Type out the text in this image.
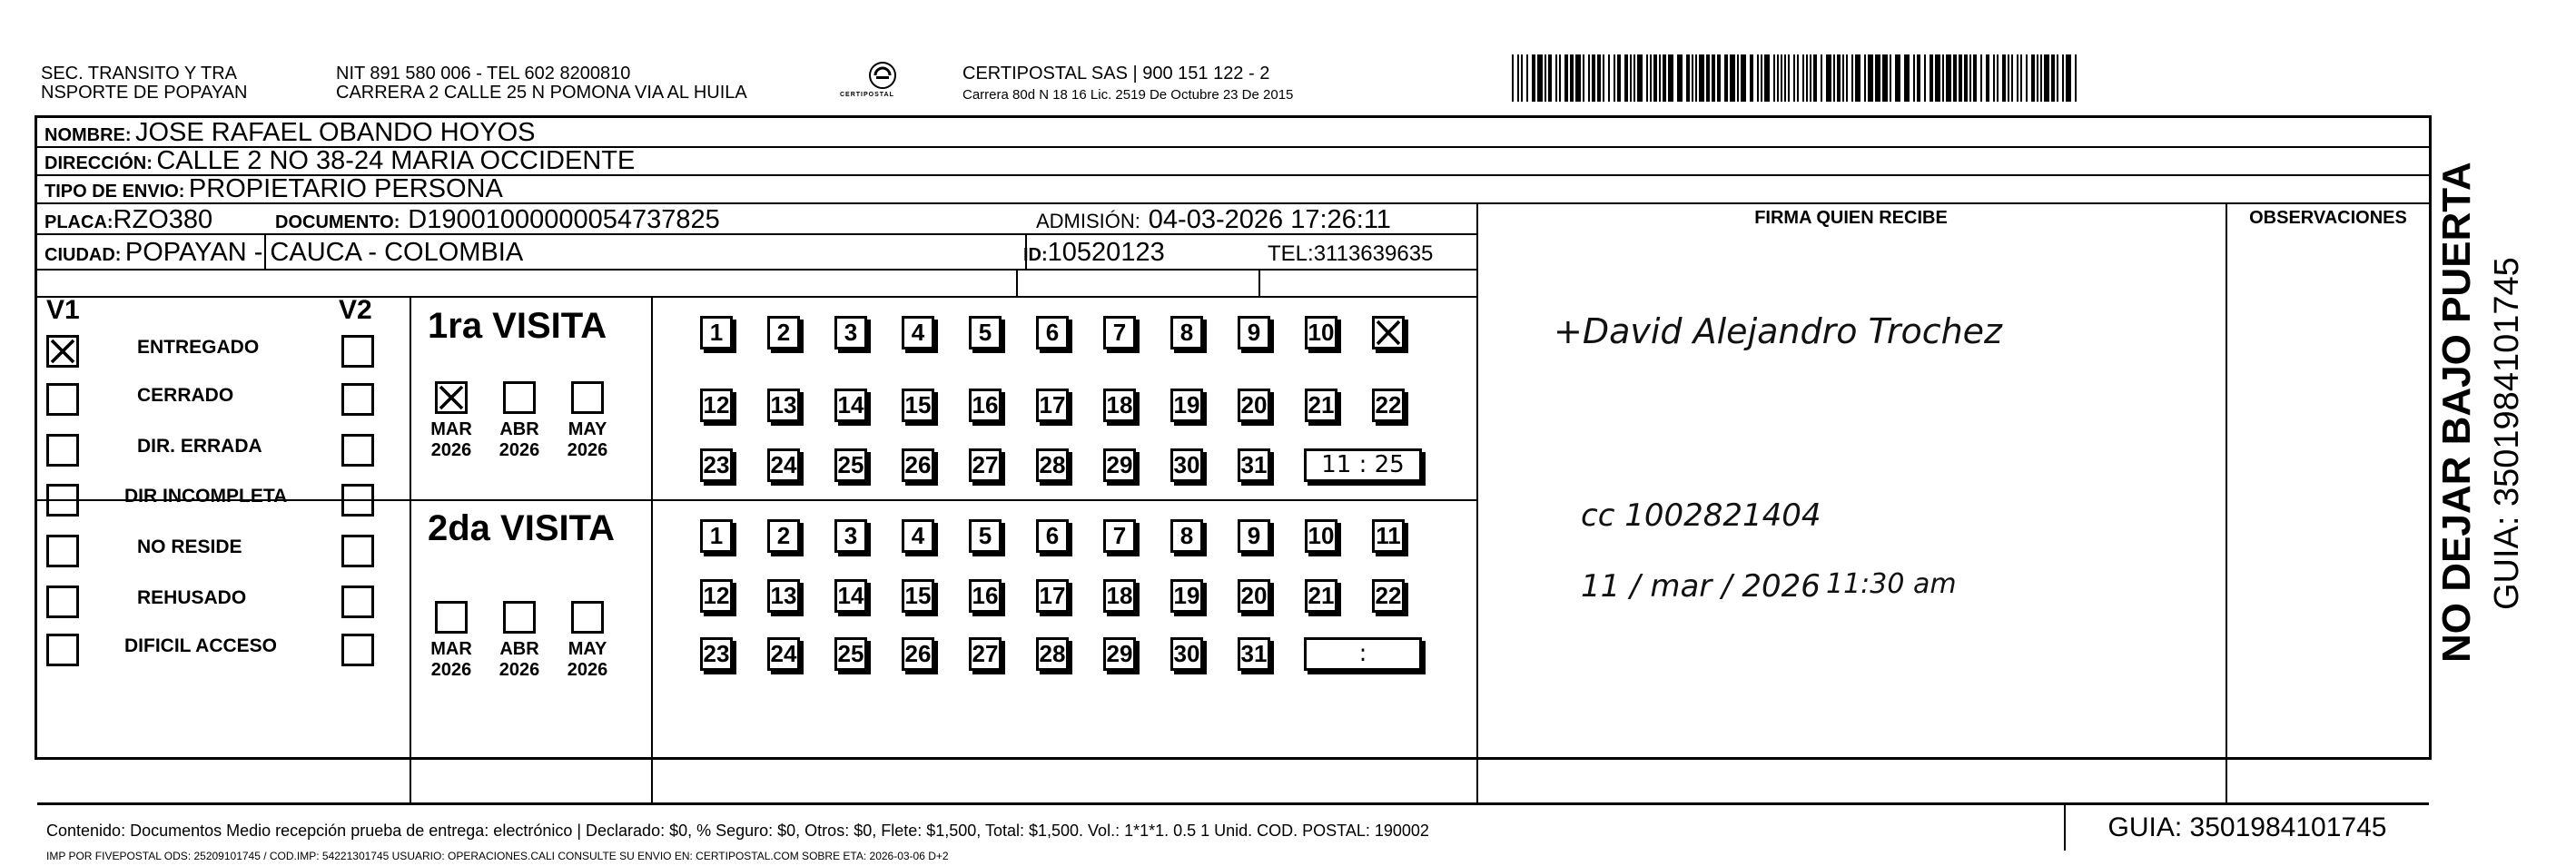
SEC. TRANSITO Y TRA
NSPORTE DE POPAYAN
NIT 891 580 006 - TEL 602 8200810
CARRERA 2 CALLE 25 N POMONA VIA AL HUILA	CERTIPOSTAL
CERTIPOSTAL SAS | 900 151 122 - 2
Carrera 80d N 18 16 Lic. 2519 De Octubre 23 De 2015
NOMBRE: JOSE RAFAEL OBANDO HOYOS
DIRECCIÓN: CALLE 2 NO 38-24 MARIA OCCIDENTE
TIPO DE ENVIO: PROPIETARIO PERSONA
FIRMA QUIEN RECIBE	OBSERVACIONES
PLACA:RZO380	DOCUMENTO: D19001000000054737825	ADMISIÓN: 04-03-2026 17:26:11
CIUDAD: POPAYAN - CAUCA - COLOMBIA	ID:10520123	TEL:3113639635
V1	V2
ENTREGADO
CERRADO
DIR. ERRADA
DIR INCOMPLETA
NO RESIDE
REHUSADO
DIFICIL ACCESO
1ra VISITA
MAR
2026
ABR
2026
MAY
2026
1	2	3	4	5	6	7	8	9	10
12 13 14 15 16 17 18 19 20 21 22
23 24 25 26 27 28 29 30 31	11 : 25
2da VISITA
MAR
2026
ABR
2026
MAY
2026
1	2	3	4	5	6	7	8	9	10 11
12 13 14 15 16 17 18 19 20 21 22
23 24 25 26 27 28 29 30 31	:
+David Alejandro Trochez
cc 1002821404
11 / mar / 2026 11:30 am
Contenido: Documentos Medio recepción prueba de entrega: electrónico | Declarado: $0, % Seguro: $0, Otros: $0, Flete: $1,500, Total: $1,500. Vol.: 1*1*1. 0.5 1 Unid. COD. POSTAL: 190002
IMP POR FIVEPOSTAL ODS: 25209101745 / COD.IMP: 54221301745 USUARIO: OPERACIONES.CALI CONSULTE SU ENVIO EN: CERTIPOSTAL.COM SOBRE ETA: 2026-03-06 D+2
GUIA: 3501984101745
NO DEJAR BAJO PUERTA GUIA: 3501984101745
